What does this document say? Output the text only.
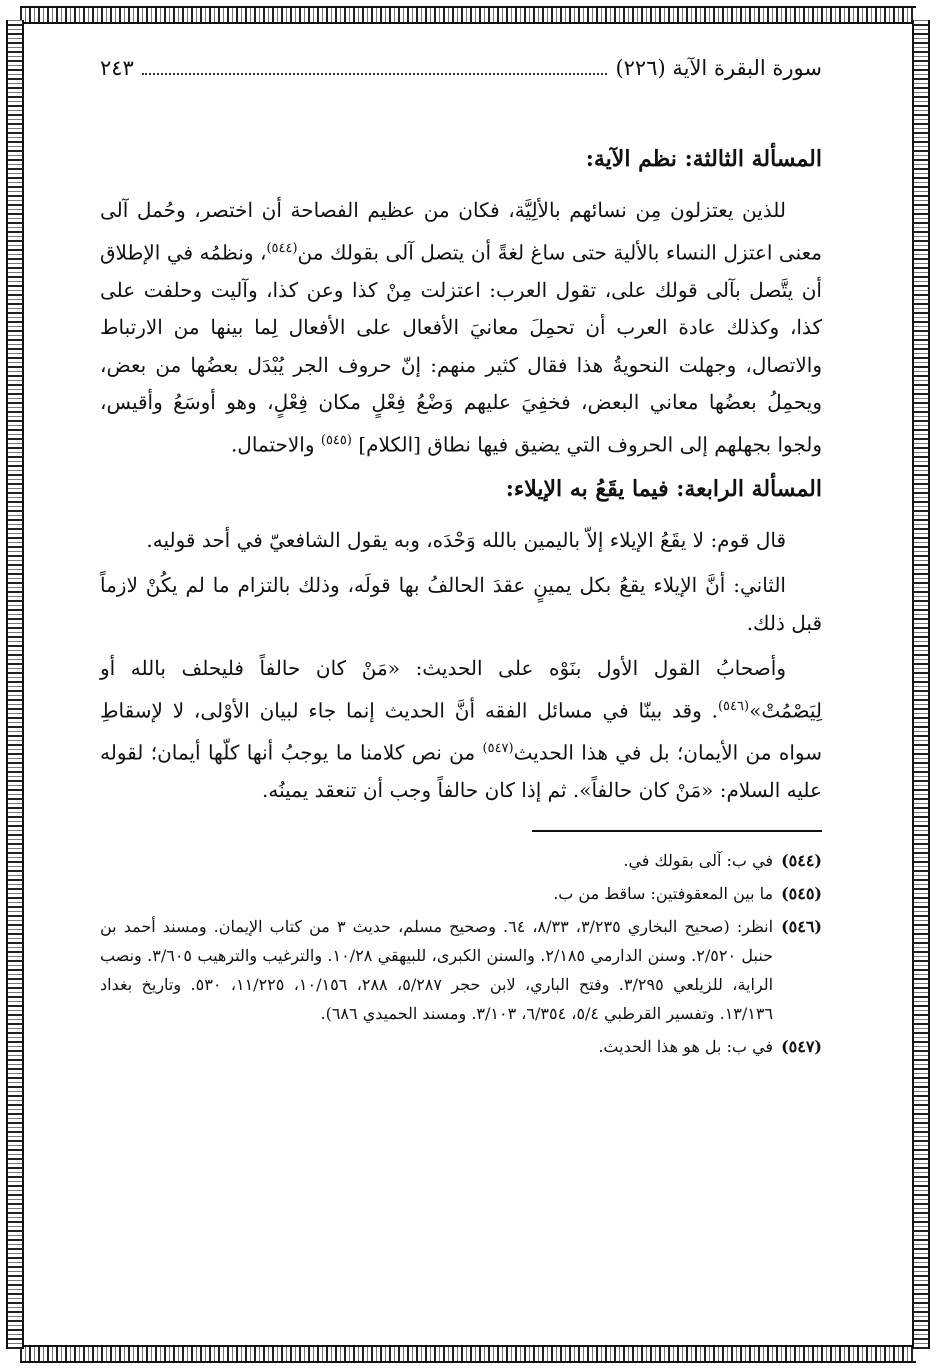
سورة البقرة الآية (٢٢٦)
٢٤٣
المسألة الثالثة: نظم الآية:

للذين يعتزلون مِن نسائهم بالألِيَّة، فكان من عظيم الفصاحة أن اختصر، وحُمل آلى معنى اعتزل النساء بالألية حتى ساغ لغةً أن يتصل آلى بقولك من$^{(٥٤٤)}$، ونظمُه في الإطلاق أن يتَّصل بآلى قولك على، تقول العرب: اعتزلت مِنْ كذا وعن كذا، وآليت وحلفت على كذا، وكذلك عادة العرب أن تحمِلَ معانيَ الأفعال على الأفعال لِما بينها من الارتباط والاتصال، وجهلت النحويةُ هذا فقال كثير منهم: إنّ حروف الجر يُبْدَل بعضُها من بعض، ويحمِلُ بعضُها معاني البعض، فخفِيَ عليهم وَضْعُ فِعْلٍ مكان فِعْلٍ، وهو أوسَعُ وأقيس، ولجوا بجهلهم إلى الحروف التي يضيق فيها نطاق [الكلام] $^{(٥٤٥)}$ والاحتمال.

المسألة الرابعة: فيما يقَعُ به الإيلاء:

قال قوم: لا يقَعُ الإيلاء إلاّ باليمين بالله وَحْدَه، وبه يقول الشافعيّ في أحد قوليه.

الثاني: أنَّ الإيلاء يقعُ بكل يمينٍ عقدَ الحالفُ بها قولَه، وذلك بالتزام ما لم يكُنْ لازماً قبل ذلك.

وأصحابُ القول الأول بنَوْه على الحديث: «مَنْ كان حالفاً فليحلف بالله أو لِيَصْمُتْ»$^{(٥٤٦)}$. وقد بينّا في مسائل الفقه أنَّ الحديث إنما جاء لبيان الأوْلى، لا لإسقاطِ سواه من الأيمان؛ بل في هذا الحديث$^{(٥٤٧)}$ من نص كلامنا ما يوجبُ أنها كلّها أيمان؛ لقوله عليه السلام: «مَنْ كان حالفاً». ثم إذا كان حالفاً وجب أن تنعقد يمينُه.

(٥٤٤)
في ب: آلى بقولك في.
(٥٤٥)
ما بين المعقوفتين: ساقط من ب.
(٥٤٦)
انظر: (صحيح البخاري ٣/٢٣٥، ٨/٣٣، ٦٤. وصحيح مسلم، حديث ٣ من كتاب الإيمان. ومسند أحمد بن حنبل ٢/٥٢٠. وسنن الدارمي ٢/١٨٥. والسنن الكبرى، للبيهقي ١٠/٢٨. والترغيب والترهيب ٣/٦٠٥. ونصب الراية، للزيلعي ٣/٢٩٥. وفتح الباري، لابن حجر ٥/٢٨٧، ٢٨٨، ١٠/١٥٦، ١١/٢٢٥، ٥٣٠. وتاريخ بغداد ١٣/١٣٦. وتفسير القرطبي ٥/٤، ٦/٣٥٤، ٣/١٠٣. ومسند الحميدي ٦٨٦).
(٥٤٧)
في ب: بل هو هذا الحديث.
